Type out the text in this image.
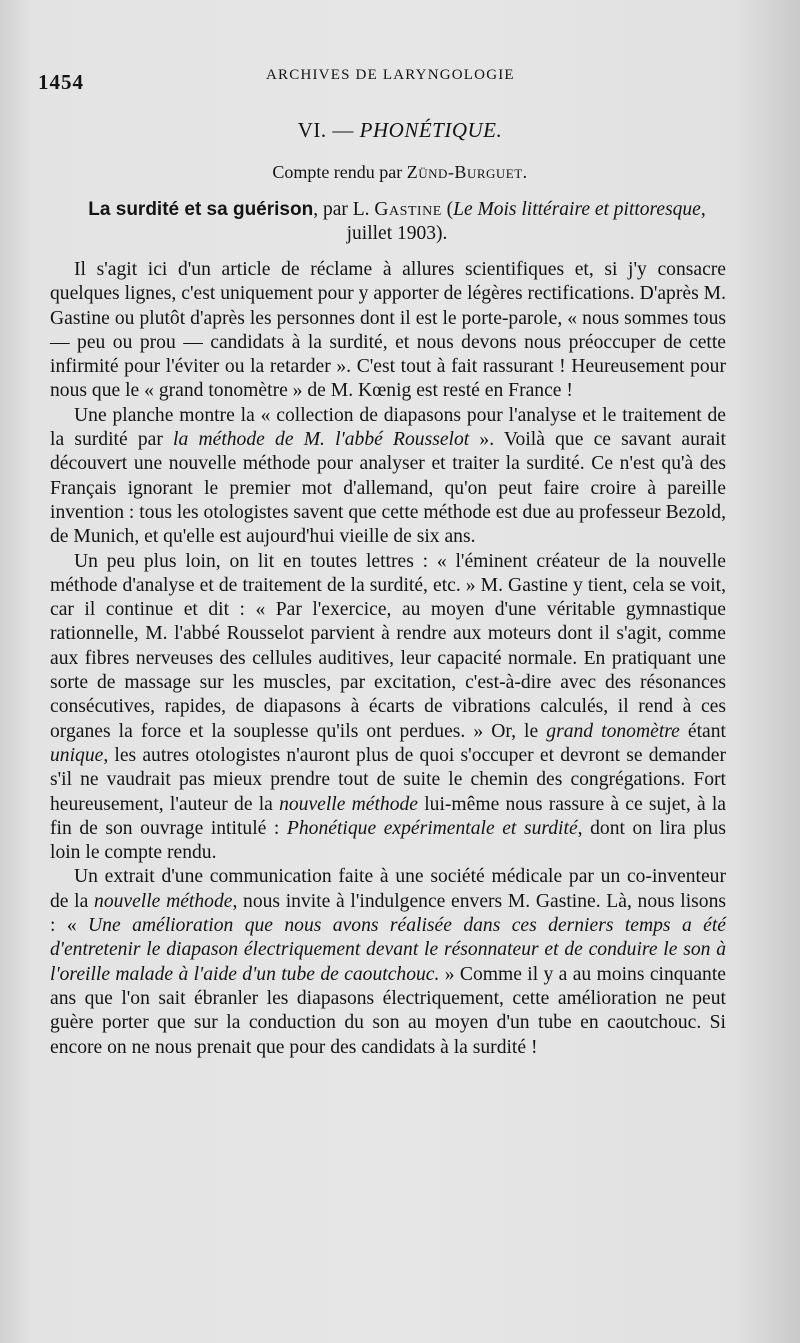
1454	ARCHIVES DE LARYNGOLOGIE
VI. — PHONÉTIQUE.
Compte rendu par Zünd-Burguet.
La surdité et sa guérison, par L. Gastine (Le Mois littéraire et pittoresque, juillet 1903).

Il s'agit ici d'un article de réclame à allures scientifiques et, si j'y consacre quelques lignes, c'est uniquement pour y apporter de légères rectifications. D'après M. Gastine ou plutôt d'après les personnes dont il est le porte-parole, « nous sommes tous — peu ou prou — candidats à la surdité, et nous devons nous préoccuper de cette infirmité pour l'éviter ou la retarder ». C'est tout à fait rassurant ! Heureusement pour nous que le « grand tonomètre » de M. Kœnig est resté en France !

Une planche montre la « collection de diapasons pour l'analyse et le traitement de la surdité par la méthode de M. l'abbé Rousselot ». Voilà que ce savant aurait découvert une nouvelle méthode pour analyser et traiter la surdité. Ce n'est qu'à des Français ignorant le premier mot d'allemand, qu'on peut faire croire à pareille invention : tous les otologistes savent que cette méthode est due au professeur Bezold, de Munich, et qu'elle est aujourd'hui vieille de six ans.

Un peu plus loin, on lit en toutes lettres : « l'éminent créateur de la nouvelle méthode d'analyse et de traitement de la surdité, etc. » M. Gastine y tient, cela se voit, car il continue et dit : « Par l'exercice, au moyen d'une véritable gymnastique rationnelle, M. l'abbé Rousselot parvient à rendre aux moteurs dont il s'agit, comme aux fibres nerveuses des cellules auditives, leur capacité normale. En pratiquant une sorte de massage sur les muscles, par excitation, c'est-à-dire avec des résonances consécutives, rapides, de diapasons à écarts de vibrations calculés, il rend à ces organes la force et la souplesse qu'ils ont perdues. » Or, le grand tonomètre étant unique, les autres otologistes n'auront plus de quoi s'occuper et devront se demander s'il ne vaudrait pas mieux prendre tout de suite le chemin des congrégations. Fort heureusement, l'auteur de la nouvelle méthode lui-même nous rassure à ce sujet, à la fin de son ouvrage intitulé : Phonétique expérimentale et surdité, dont on lira plus loin le compte rendu.

Un extrait d'une communication faite à une société médicale par un co-inventeur de la nouvelle méthode, nous invite à l'indulgence envers M. Gastine. Là, nous lisons : « Une amélioration que nous avons réalisée dans ces derniers temps a été d'entretenir le diapason électriquement devant le résonnateur et de conduire le son à l'oreille malade à l'aide d'un tube de caoutchouc. » Comme il y a au moins cinquante ans que l'on sait ébranler les diapasons électriquement, cette amélioration ne peut guère porter que sur la conduction du son au moyen d'un tube en caoutchouc. Si encore on ne nous prenait que pour des candidats à la surdité !
